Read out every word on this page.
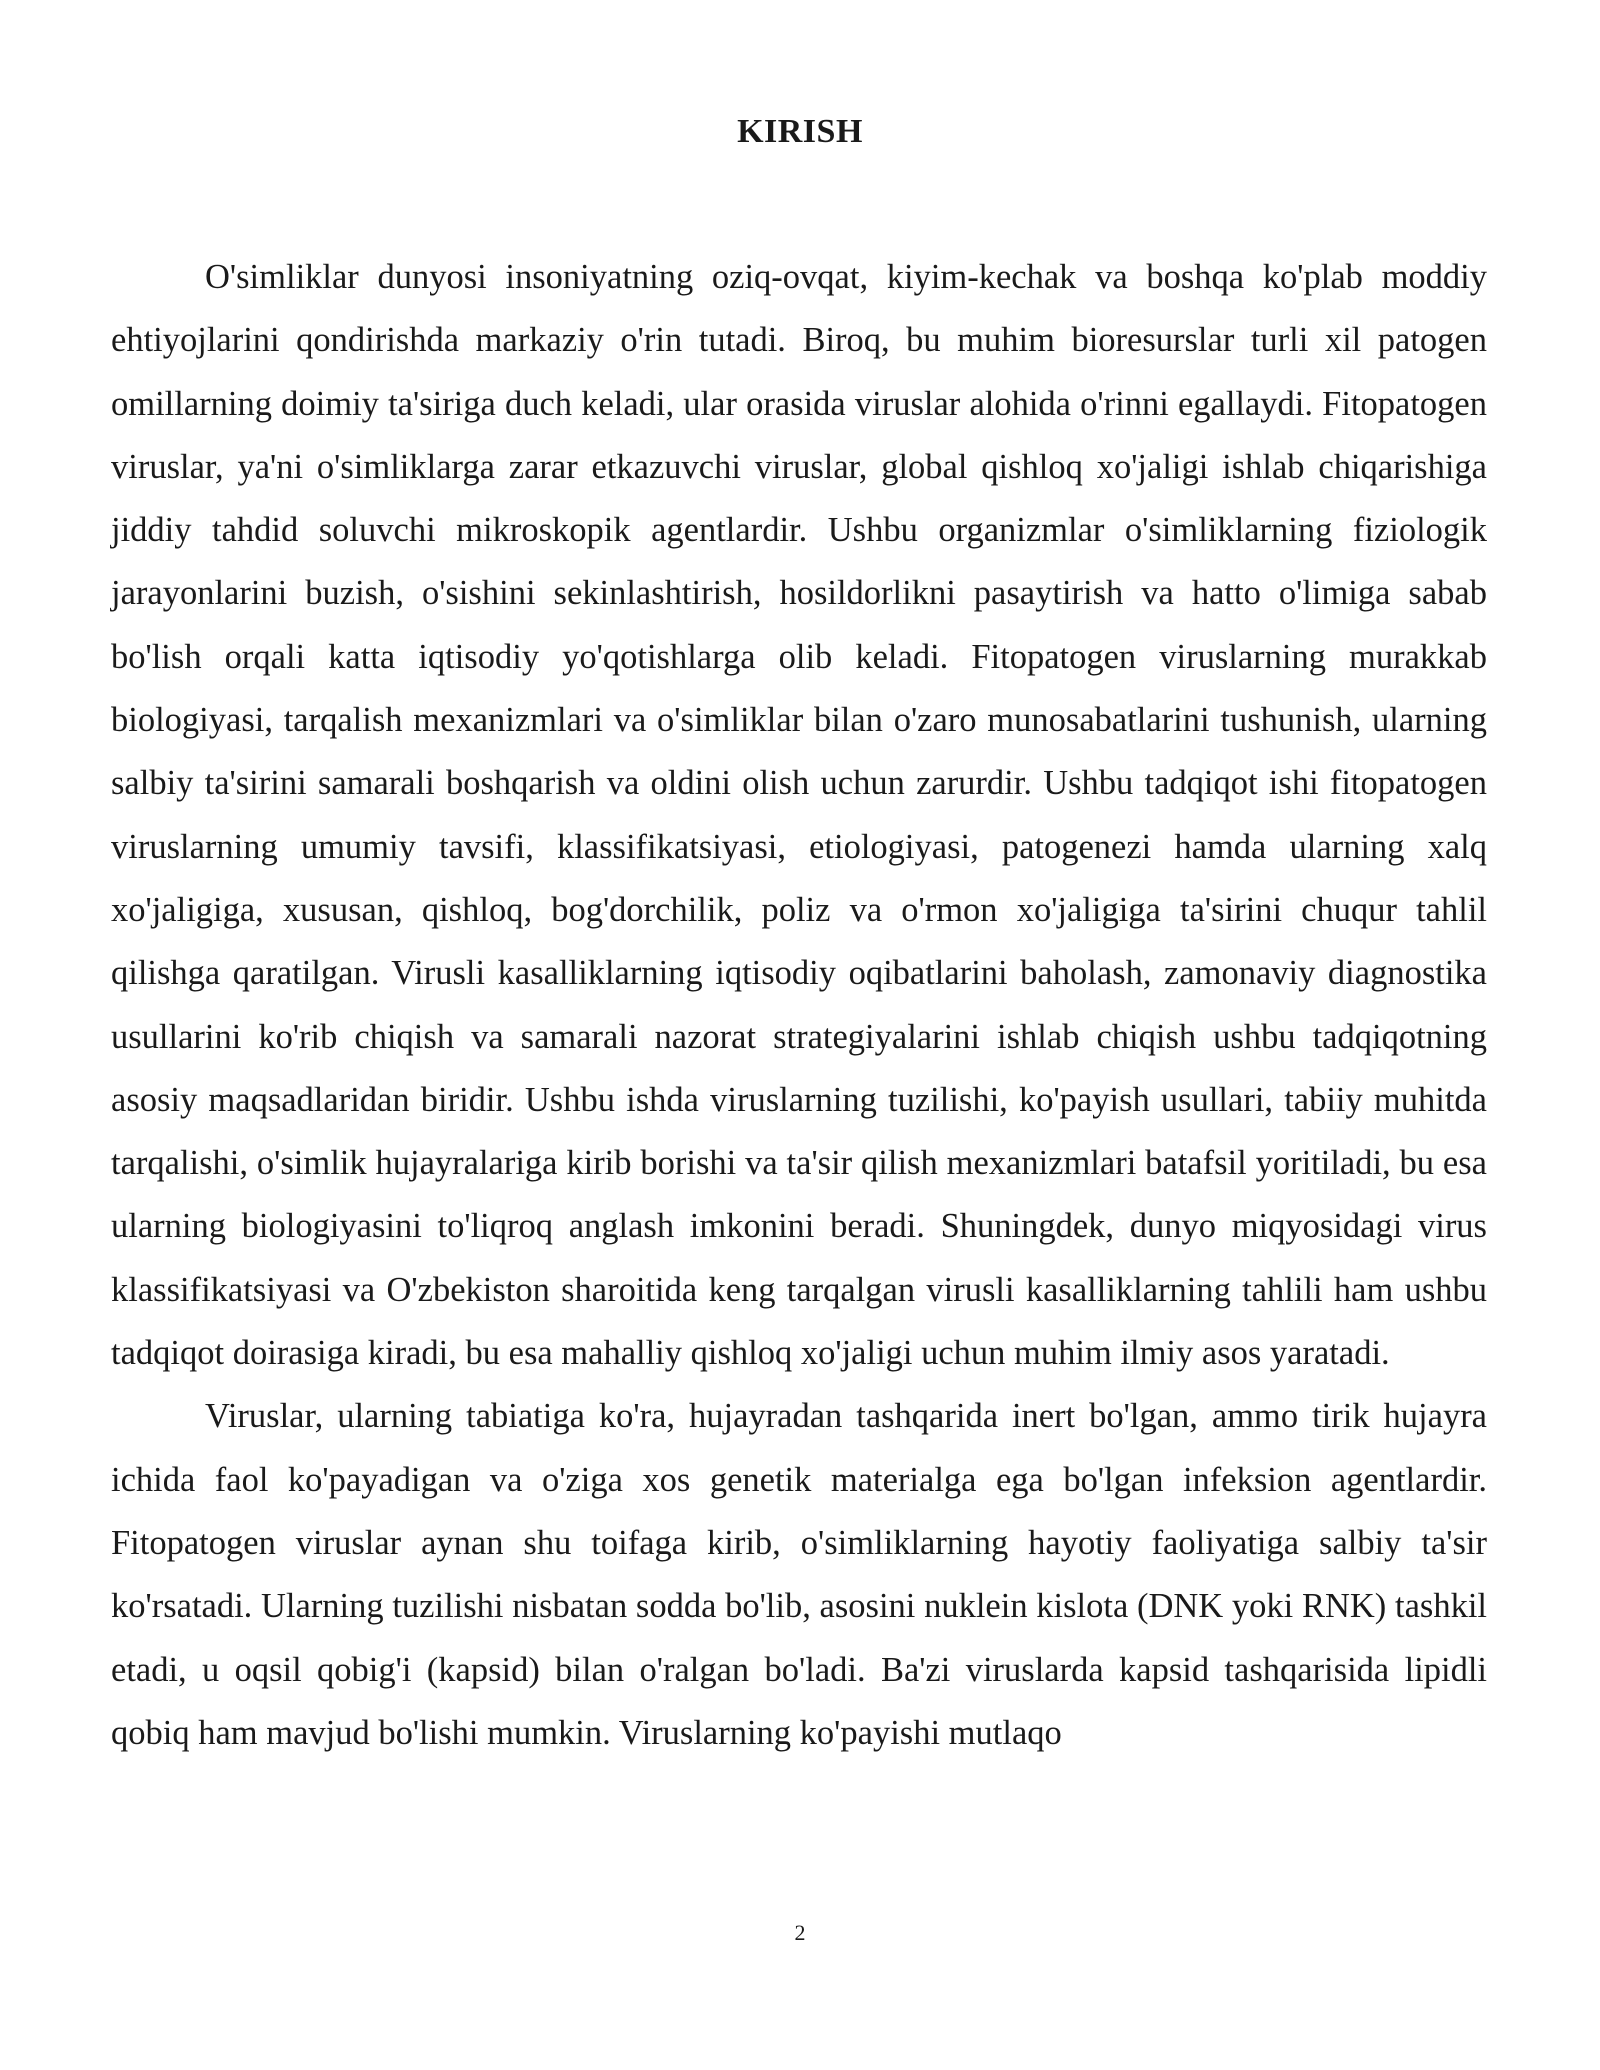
KIRISH

O'simliklar dunyosi insoniyatning oziq-ovqat, kiyim-kechak va boshqa ko'plab moddiy ehtiyojlarini qondirishda markaziy o'rin tutadi. Biroq, bu muhim bioresurslar turli xil patogen omillarning doimiy ta'siriga duch keladi, ular orasida viruslar alohida o'rinni egallaydi. Fitopatogen viruslar, ya'ni o'simliklarga zarar etkazuvchi viruslar, global qishloq xo'jaligi ishlab chiqarishiga jiddiy tahdid soluvchi mikroskopik agentlardir. Ushbu organizmlar o'simliklarning fiziologik jarayonlarini buzish, o'sishini sekinlashtirish, hosildorlikni pasaytirish va hatto o'limiga sabab bo'lish orqali katta iqtisodiy yo'qotishlarga olib keladi. Fitopatogen viruslarning murakkab biologiyasi, tarqalish mexanizmlari va o'simliklar bilan o'zaro munosabatlarini tushunish, ularning salbiy ta'sirini samarali boshqarish va oldini olish uchun zarurdir. Ushbu tadqiqot ishi fitopatogen viruslarning umumiy tavsifi, klassifikatsiyasi, etiologiyasi, patogenezi hamda ularning xalq xo'jaligiga, xususan, qishloq, bog'dorchilik, poliz va o'rmon xo'jaligiga ta'sirini chuqur tahlil qilishga qaratilgan. Virusli kasalliklarning iqtisodiy oqibatlarini baholash, zamonaviy diagnostika usullarini ko'rib chiqish va samarali nazorat strategiyalarini ishlab chiqish ushbu tadqiqotning asosiy maqsadlaridan biridir. Ushbu ishda viruslarning tuzilishi, ko'payish usullari, tabiiy muhitda tarqalishi, o'simlik hujayralariga kirib borishi va ta'sir qilish mexanizmlari batafsil yoritiladi, bu esa ularning biologiyasini to'liqroq anglash imkonini beradi. Shuningdek, dunyo miqyosidagi virus klassifikatsiyasi va O'zbekiston sharoitida keng tarqalgan virusli kasalliklarning tahlili ham ushbu tadqiqot doirasiga kiradi, bu esa mahalliy qishloq xo'jaligi uchun muhim ilmiy asos yaratadi.

Viruslar, ularning tabiatiga ko'ra, hujayradan tashqarida inert bo'lgan, ammo tirik hujayra ichida faol ko'payadigan va o'ziga xos genetik materialga ega bo'lgan infeksion agentlardir. Fitopatogen viruslar aynan shu toifaga kirib, o'simliklarning hayotiy faoliyatiga salbiy ta'sir ko'rsatadi. Ularning tuzilishi nisbatan sodda bo'lib, asosini nuklein kislota (DNK yoki RNK) tashkil etadi, u oqsil qobig'i (kapsid) bilan o'ralgan bo'ladi. Ba'zi viruslarda kapsid tashqarisida lipidli qobiq ham mavjud bo'lishi mumkin. Viruslarning ko'payishi mutlaqo

2
